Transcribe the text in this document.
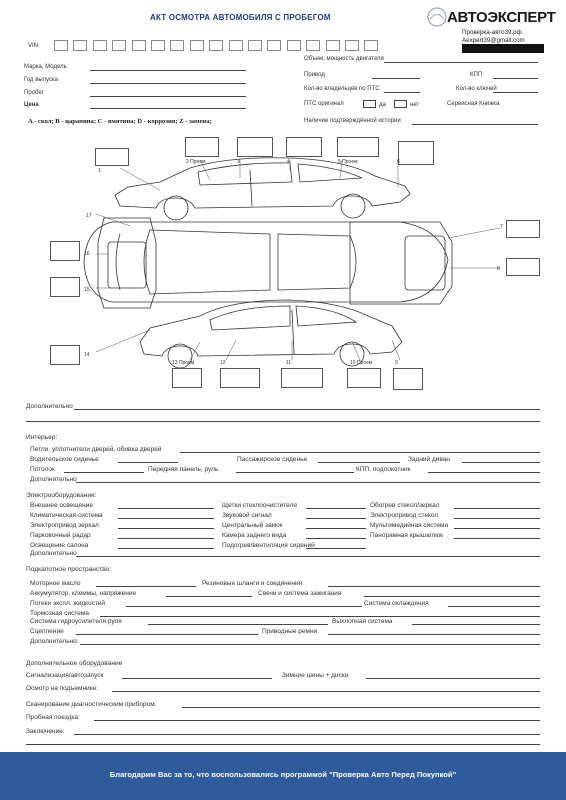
АКТ ОСМОТРА АВТОМОБИЛЯ С ПРОБЕГОМ	АВТОЭКСПЕРТ
Проверка-авто39.рф
Aexpert39@gmail.com
VIN
Марка, Модель
Год выпуска
Пробег
Цена
Объем, мощность двигателя
Привод	КПП
Кол-во владельцев по ПТС	Кол-во ключей
ПТС оригинал	да	нет	Сервисная Книжка
Наличие подтверждённой истории
A - скол; B - царапина; C - вмятина; D - коррозия; Z - замена;
1
2 Проем	3	4	5 Проем	6
7
8
9
10 Проем
11
12
13 Проем
14
15
16
17
Дополнительно
Интерьер:
Петли, уплотнители дверей, обивка дверей
Водительское сиденье	Пассажирское сиденье	Задний диван
Потолок	Передняя панель, руль	КПП, подлокотник
Дополнительно
Электрооборудование:
Внешнее освещение	Щетки стеклоочистителя	Обогрев стекол/зеркал
Климатическая система	Звуковой сигнал	Электропривод стекол
Электропривод зеркал	Центральный замок	Мультимедийная система
Парковочный радар	Камера заднего вида	Панорамная крыша/люк
Освещение салона	Подогрев/вентиляция сидений
Дополнительно
Подкапотное пространство:
Моторное масло	Резиновые шланги и соединения
Аккумулятор, клеммы, напряжение	Свечи и система зажигания
Потеки экспл. жидкостей	Система охлаждения
Тормозная система
Система гидроусилителя руля	Выхлопная система
Сцепление	Приводные ремни
Дополнительно:
Дополнительное оборудование
Сигнализация/автозапуск	Зимние шины + диски
Осмотр на подъемнике:
Сканирование диагностическим прибором:
Пробная поездка:
Заключение:
Благодарим Вас за то, что воспользовались программой "Проверка Авто Перед Покупкой"
